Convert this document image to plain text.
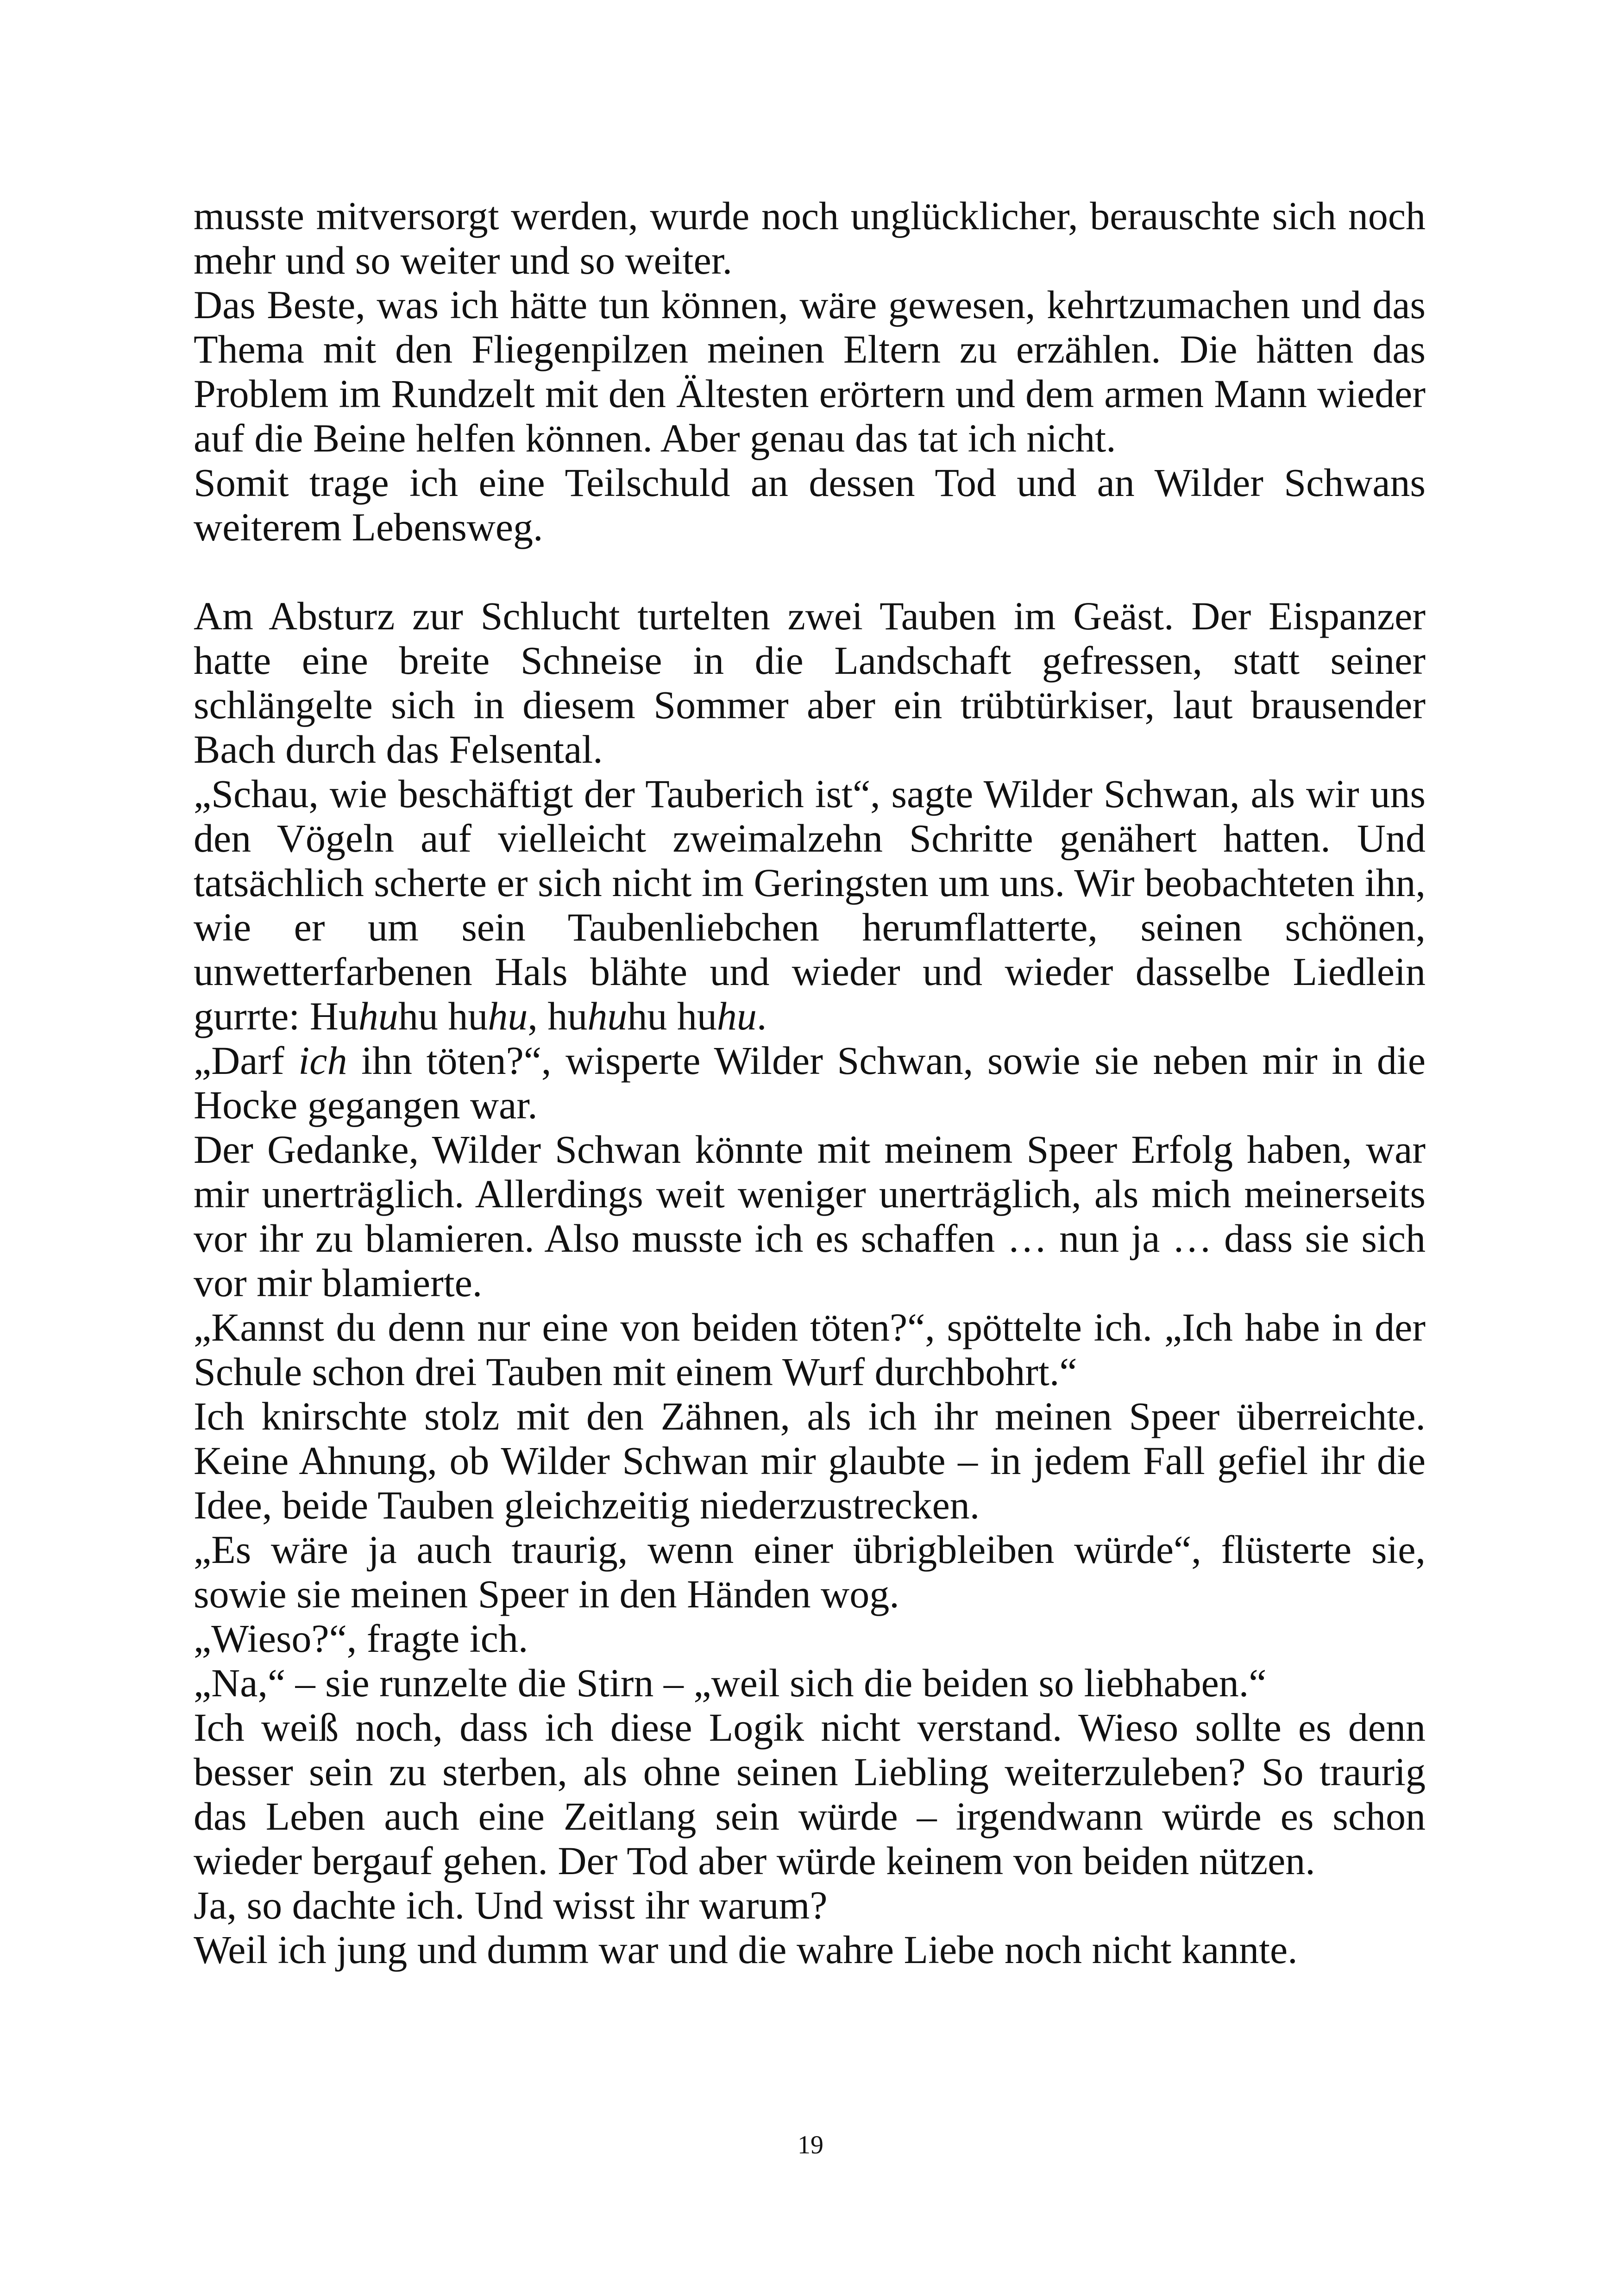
musste mitversorgt werden, wurde noch unglücklicher, berauschte sich noch mehr und so weiter und so weiter.

Das Beste, was ich hätte tun können, wäre gewesen, kehrtzumachen und das Thema mit den Fliegenpilzen meinen Eltern zu erzählen. Die hätten das Problem im Rundzelt mit den Ältesten erörtern und dem armen Mann wieder auf die Beine helfen können. Aber genau das tat ich nicht.

Somit trage ich eine Teilschuld an dessen Tod und an Wilder Schwans weiterem Lebensweg.

Am Absturz zur Schlucht turtelten zwei Tauben im Geäst. Der Eispanzer hatte eine breite Schneise in die Landschaft gefressen, statt seiner schlängelte sich in diesem Sommer aber ein trübtürkiser, laut brausender Bach durch das Felsental.

„Schau, wie beschäftigt der Tauberich ist“, sagte Wilder Schwan, als wir uns den Vögeln auf vielleicht zweimalzehn Schritte genähert hatten. Und tatsächlich scherte er sich nicht im Geringsten um uns. Wir beobachteten ihn, wie er um sein Taubenliebchen herumflatterte, seinen schönen, unwetterfarbenen Hals blähte und wieder und wieder dasselbe Liedlein gurrte: Huhuhu huhu, huhuhu huhu.

„Darf ich ihn töten?“, wisperte Wilder Schwan, sowie sie neben mir in die Hocke gegangen war.

Der Gedanke, Wilder Schwan könnte mit meinem Speer Erfolg haben, war mir unerträglich. Allerdings weit weniger unerträglich, als mich meinerseits vor ihr zu blamieren. Also musste ich es schaffen … nun ja … dass sie sich vor mir blamierte.

„Kannst du denn nur eine von beiden töten?“, spöttelte ich. „Ich habe in der Schule schon drei Tauben mit einem Wurf durchbohrt.“

Ich knirschte stolz mit den Zähnen, als ich ihr meinen Speer überreichte. Keine Ahnung, ob Wilder Schwan mir glaubte – in jedem Fall gefiel ihr die Idee, beide Tauben gleichzeitig niederzustrecken.

„Es wäre ja auch traurig, wenn einer übrigbleiben würde“, flüsterte sie, sowie sie meinen Speer in den Händen wog.

„Wieso?“, fragte ich.

„Na,“ – sie runzelte die Stirn – „weil sich die beiden so liebhaben.“

Ich weiß noch, dass ich diese Logik nicht verstand. Wieso sollte es denn besser sein zu sterben, als ohne seinen Liebling weiterzuleben? So traurig das Leben auch eine Zeitlang sein würde – irgendwann würde es schon wieder bergauf gehen. Der Tod aber würde keinem von beiden nützen.

Ja, so dachte ich. Und wisst ihr warum?

Weil ich jung und dumm war und die wahre Liebe noch nicht kannte.

19
